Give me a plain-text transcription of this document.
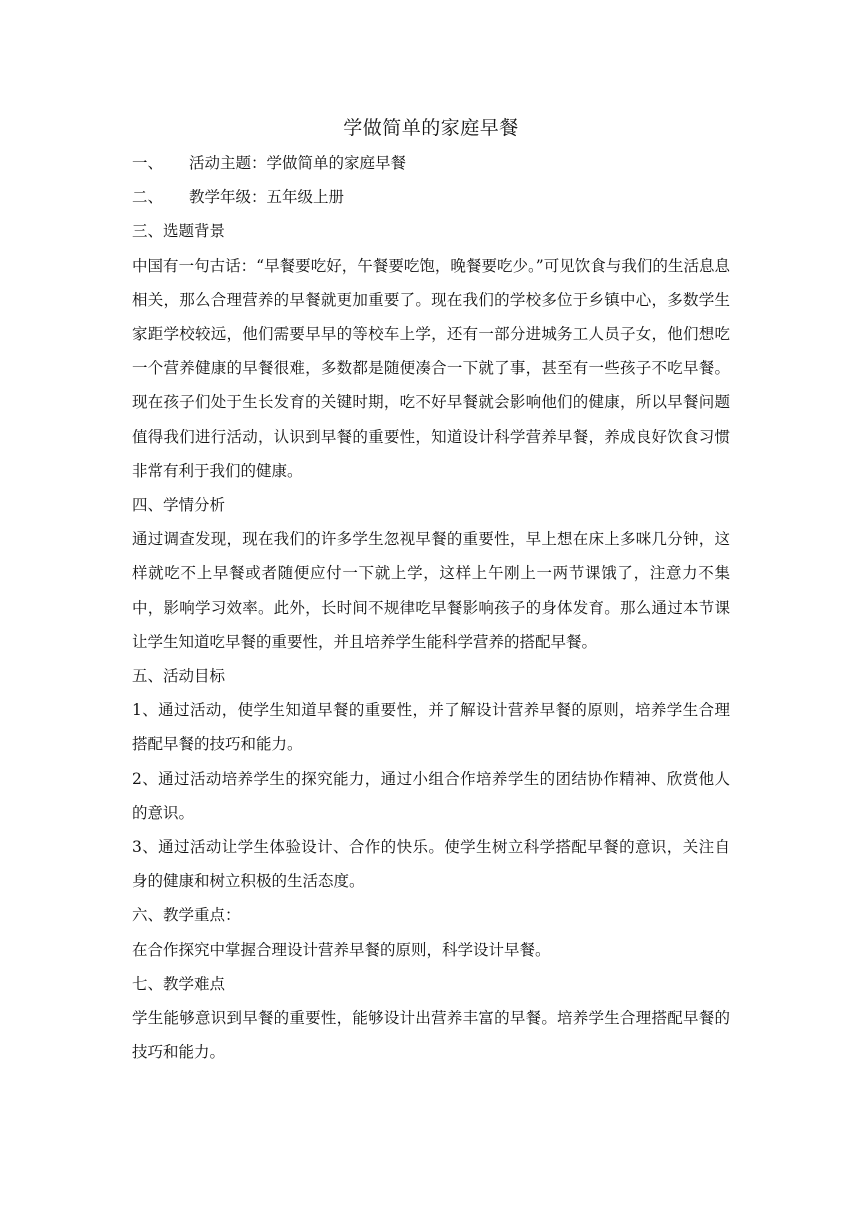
学做简单的家庭早餐

一、 活动主题：学做简单的家庭早餐

二、 教学年级：五年级上册

三、选题背景

中国有一句古话：“早餐要吃好，午餐要吃饱，晚餐要吃少。”可见饮食与我们的生活息息相关，那么合理营养的早餐就更加重要了。现在我们的学校多位于乡镇中心，多数学生家距学校较远，他们需要早早的等校车上学，还有一部分进城务工人员子女，他们想吃一个营养健康的早餐很难，多数都是随便凑合一下就了事，甚至有一些孩子不吃早餐。现在孩子们处于生长发育的关键时期，吃不好早餐就会影响他们的健康，所以早餐问题值得我们进行活动，认识到早餐的重要性，知道设计科学营养早餐，养成良好饮食习惯非常有利于我们的健康。

四、学情分析

通过调查发现，现在我们的许多学生忽视早餐的重要性，早上想在床上多咪几分钟，这样就吃不上早餐或者随便应付一下就上学，这样上午刚上一两节课饿了，注意力不集中，影响学习效率。此外，长时间不规律吃早餐影响孩子的身体发育。那么通过本节课让学生知道吃早餐的重要性，并且培养学生能科学营养的搭配早餐。

五、活动目标

1、通过活动，使学生知道早餐的重要性，并了解设计营养早餐的原则，培养学生合理搭配早餐的技巧和能力。

2、通过活动培养学生的探究能力，通过小组合作培养学生的团结协作精神、欣赏他人的意识。

3、通过活动让学生体验设计、合作的快乐。使学生树立科学搭配早餐的意识，关注自身的健康和树立积极的生活态度。

六、教学重点：

在合作探究中掌握合理设计营养早餐的原则，科学设计早餐。

七、教学难点

学生能够意识到早餐的重要性，能够设计出营养丰富的早餐。培养学生合理搭配早餐的技巧和能力。
